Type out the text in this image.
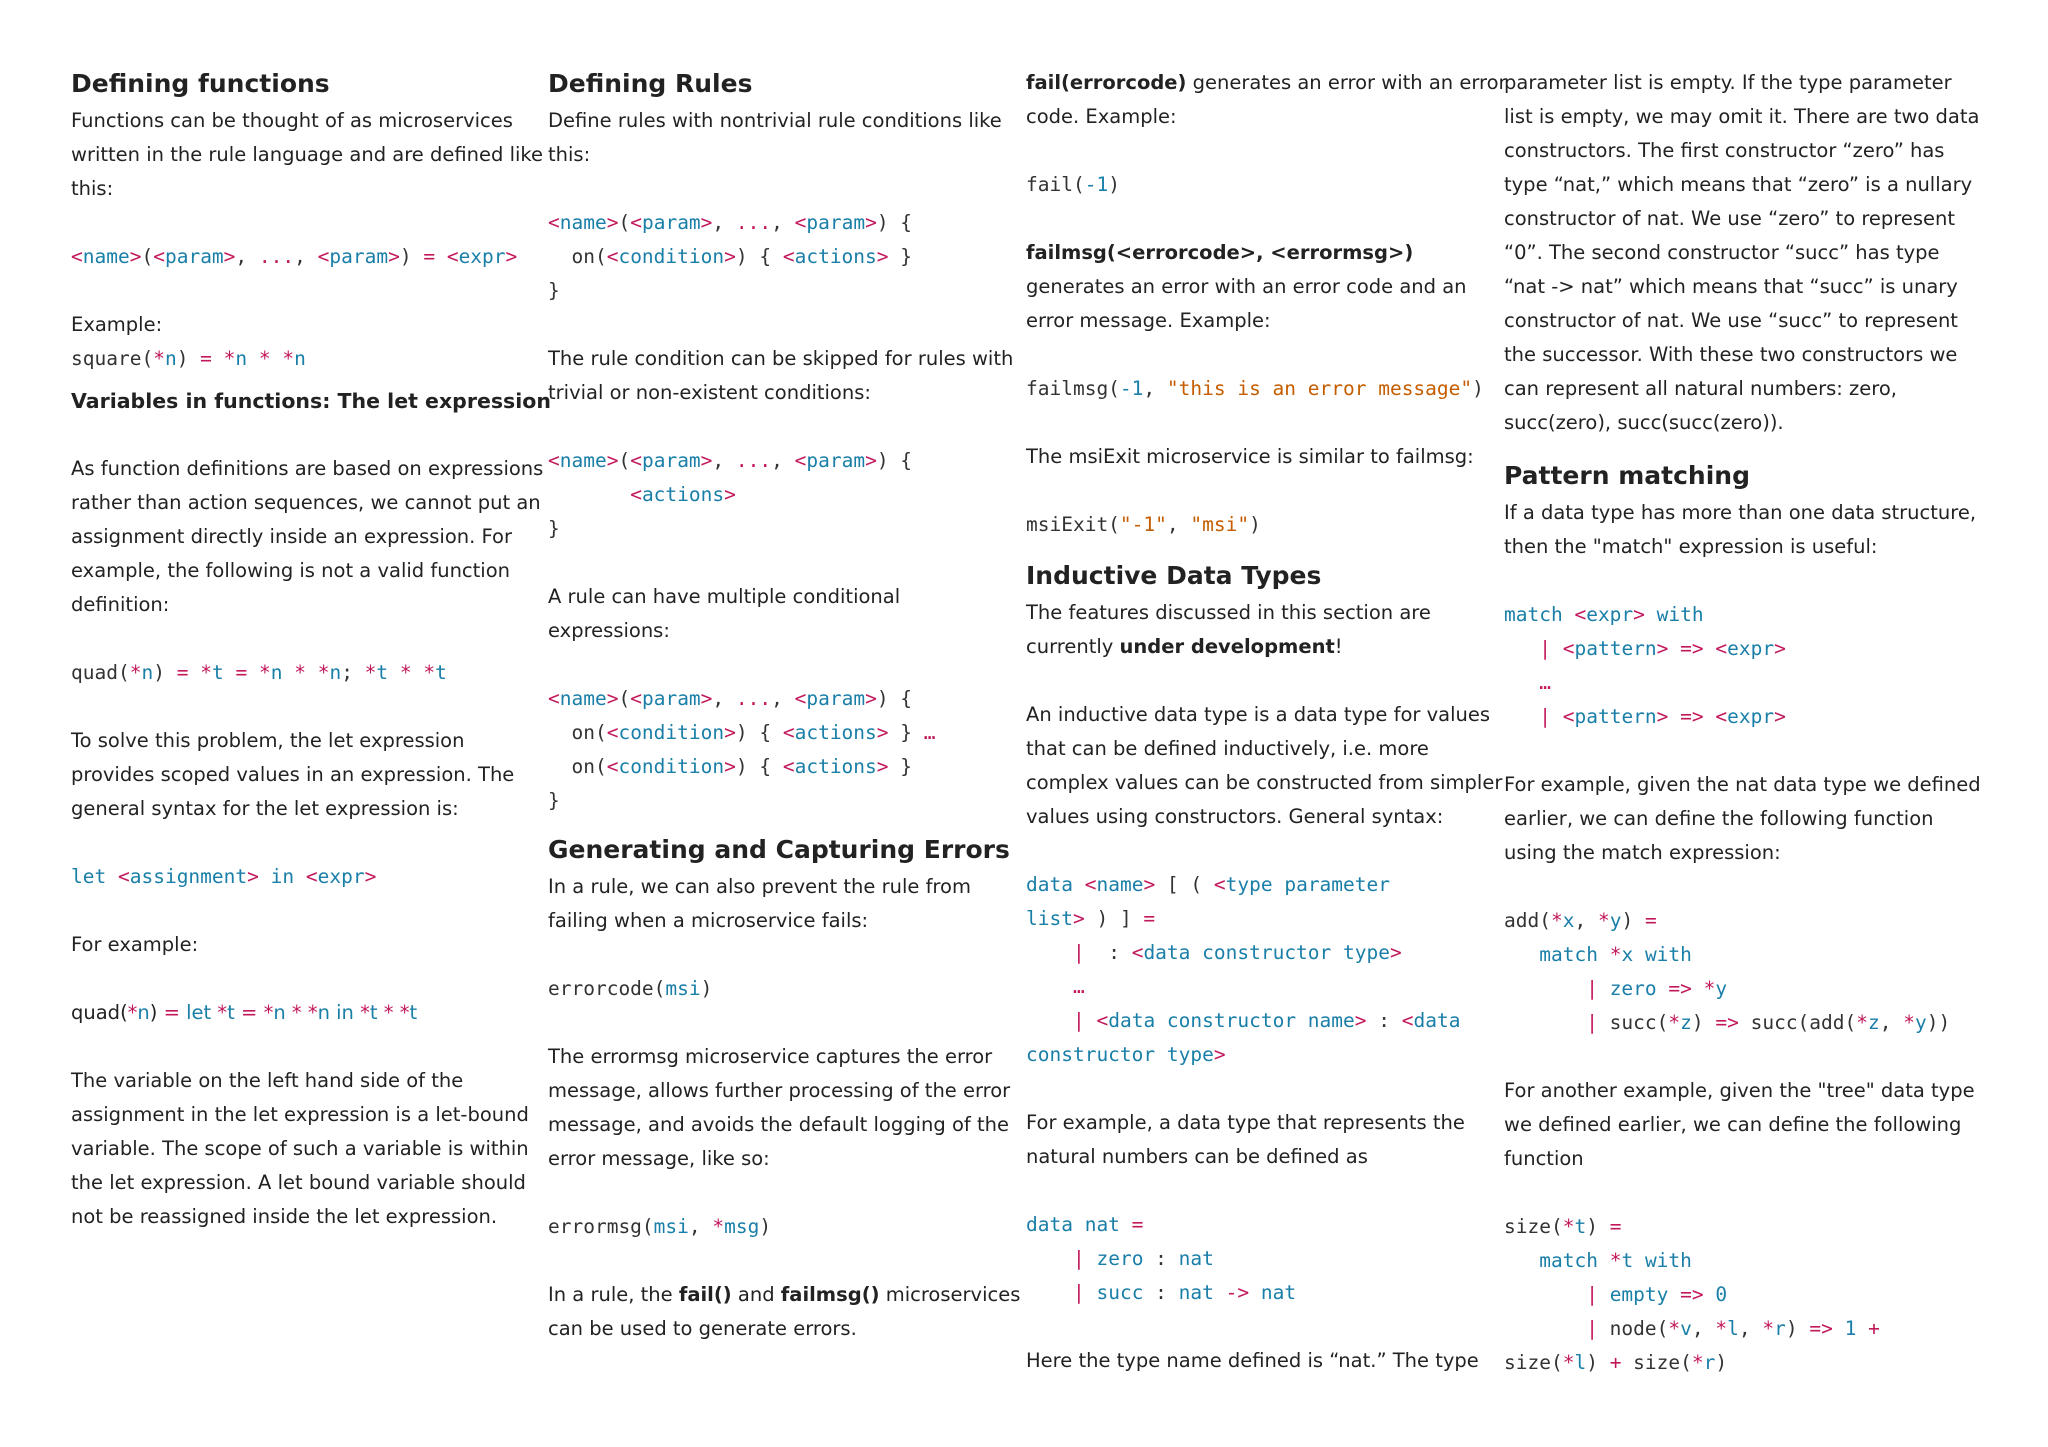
Defining functions

Functions can be thought of as microservices written in the rule language and are defined like this:

<name>(<param>, ..., <param>) = <expr>

Example:

square(*n) = *n * *n
Variables in functions: The let expression

As function definitions are based on expressions rather than action sequences, we cannot put an assignment directly inside an expression. For example, the following is not a valid function definition:

quad(*n) = *t = *n * *n; *t * *t

To solve this problem, the let expression provides scoped values in an expression. The general syntax for the let expression is:

let <assignment> in <expr>

For example:

quad(*n) = let *t = *n * *n in *t * *t

The variable on the left hand side of the assignment in the let expression is a let-bound variable. The scope of such a variable is within the let expression. A let bound variable should not be reassigned inside the let expression.

Defining Rules

Define rules with nontrivial rule conditions like this:

<name>(<param>, ..., <param>) {
on(<condition>) { <actions> }
}

The rule condition can be skipped for rules with trivial or non-existent conditions:

<name>(<param>, ..., <param>) {
<actions>
}

A rule can have multiple conditional expressions:

<name>(<param>, ..., <param>) {
on(<condition>) { <actions> } …
on(<condition>) { <actions> }
}
Generating and Capturing Errors

In a rule, we can also prevent the rule from failing when a microservice fails:

errorcode(msi)

The errormsg microservice captures the error message, allows further processing of the error message, and avoids the default logging of the error message, like so:

errormsg(msi, *msg)

In a rule, the fail() and failmsg() microservices can be used to generate errors.

fail(errorcode) generates an error with an error code. Example:

fail(-1)

failmsg(<errorcode>, <errormsg>) generates an error with an error code and an error message. Example:

failmsg(-1, "this is an error message")

The msiExit microservice is similar to failmsg:

msiExit("-1", "msi")
Inductive Data Types

The features discussed in this section are currently under development!

An inductive data type is a data type for values that can be defined inductively, i.e. more complex values can be constructed from simpler values using constructors. General syntax:

data <name> [ ( <type parameter
list> ) ] =
|  : <data constructor type>
…
| <data constructor name> : <data
constructor type>

For example, a data type that represents the natural numbers can be defined as

data nat =
| zero : nat
| succ : nat -> nat

Here the type name defined is “nat.” The type

parameter list is empty. If the type parameter list is empty, we may omit it. There are two data constructors. The first constructor “zero” has type “nat,” which means that “zero” is a nullary constructor of nat. We use “zero” to represent “0”. The second constructor “succ” has type “nat -> nat” which means that “succ” is unary constructor of nat. We use “succ” to represent the successor. With these two constructors we can represent all natural numbers: zero, succ(zero), succ(succ(zero)).

Pattern matching

If a data type has more than one data structure, then the "match" expression is useful:

match <expr> with
| <pattern> => <expr>
…
| <pattern> => <expr>

For example, given the nat data type we defined earlier, we can define the following function using the match expression:

add(*x, *y) =
match *x with
| zero => *y
| succ(*z) => succ(add(*z, *y))

For another example, given the "tree" data type we defined earlier, we can define the following function

size(*t) =
match *t with
| empty => 0
| node(*v, *l, *r) => 1 +
size(*l) + size(*r)
